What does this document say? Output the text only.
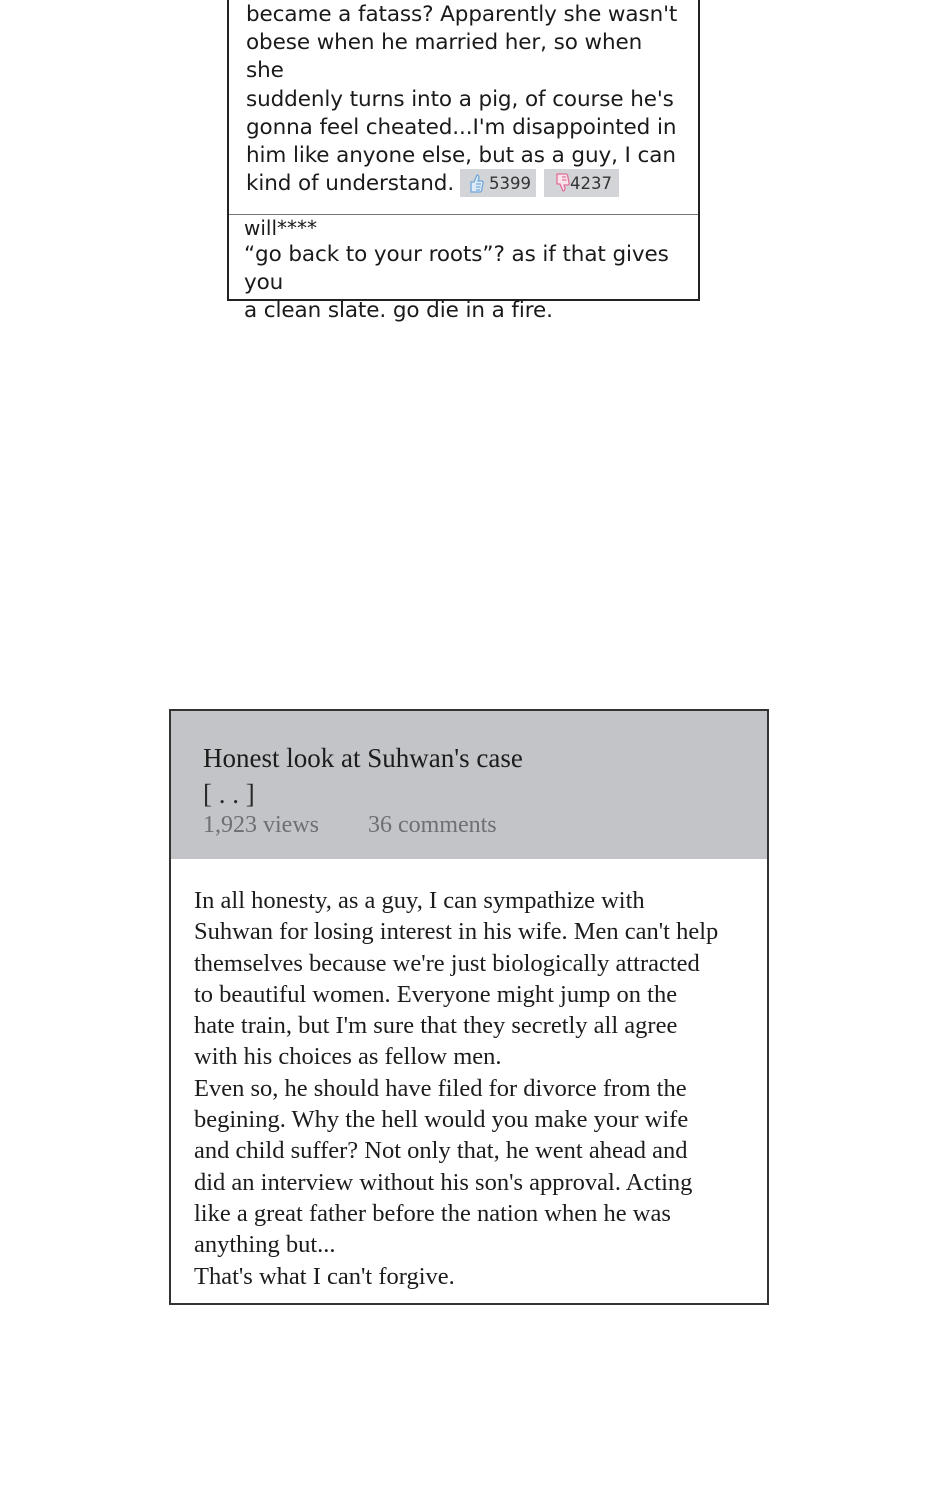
became a fatass? Apparently she wasn't
obese when he married her, so when she
suddenly turns into a pig, of course he's
gonna feel cheated...I'm disappointed in
him like anyone else, but as a guy, I can
kind of understand.	5399 4237
will****
“go back to your roots”? as if that gives you
a clean slate. go die in a fire.
Honest look at Suhwan's case
[ . . ]
1,923 views 36 comments
In all honesty, as a guy, I can sympathize with
Suhwan for losing interest in his wife. Men can't help
themselves because we're just biologically attracted
to beautiful women. Everyone might jump on the
hate train, but I'm sure that they secretly all agree
with his choices as fellow men.
Even so, he should have filed for divorce from the
begining. Why the hell would you make your wife
and child suffer? Not only that, he went ahead and
did an interview without his son's approval. Acting
like a great father before the nation when he was
anything but...
That's what I can't forgive.
